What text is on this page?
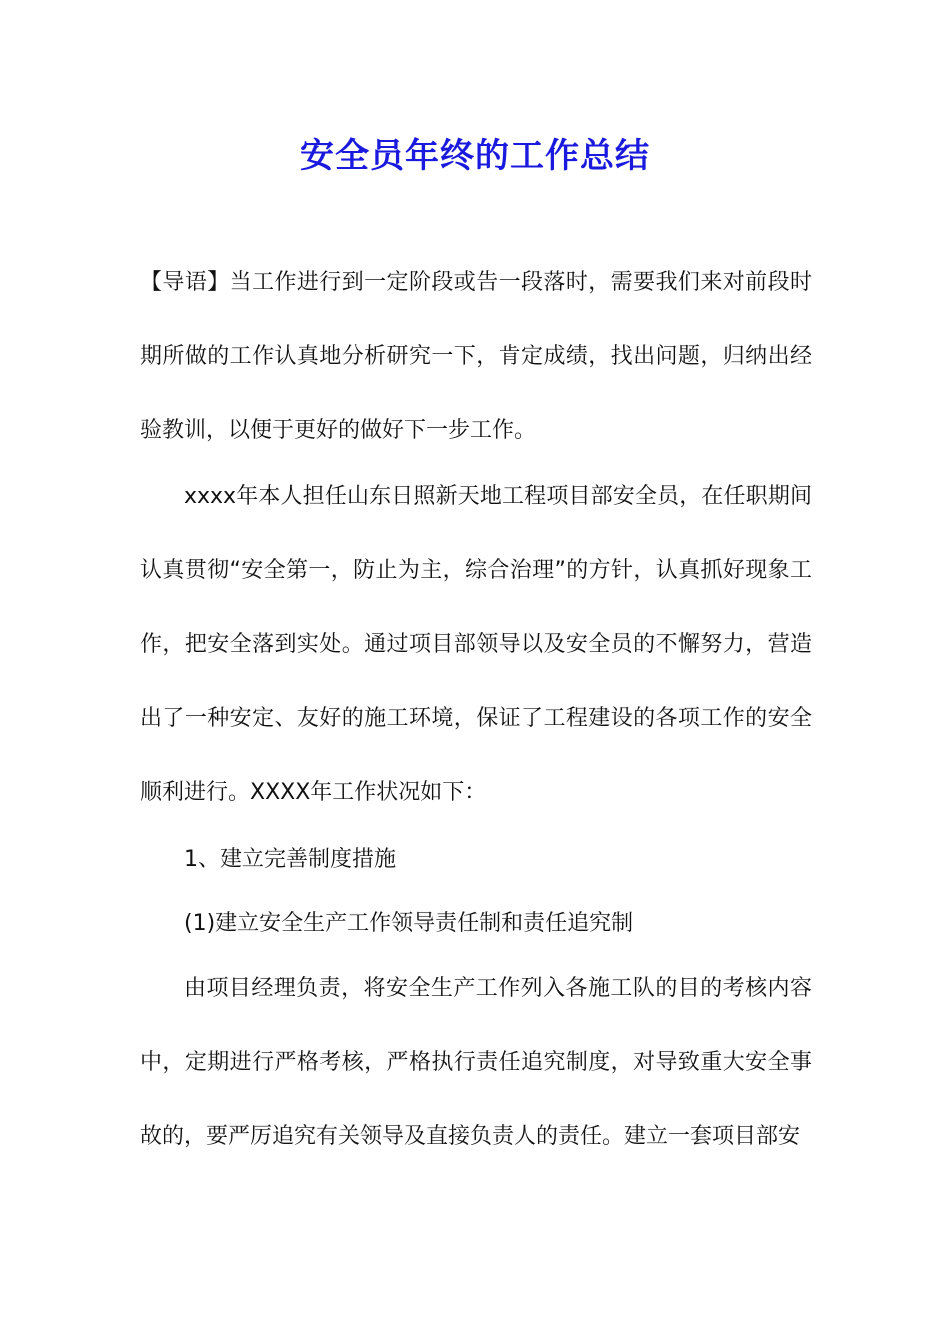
安全员年终的工作总结
【导语】当工作进行到一定阶段或告一段落时，需要我们来对前段时期所做的工作认真地分析研究一下，肯定成绩，找出问题，归纳出经验教训，以便于更好的做好下一步工作。
xxxx年本人担任山东日照新天地工程项目部安全员，在任职期间认真贯彻“安全第一，防止为主，综合治理”的方针，认真抓好现象工作，把安全落到实处。通过项目部领导以及安全员的不懈努力，营造出了一种安定、友好的施工环境，保证了工程建设的各项工作的安全顺利进行。XXXX年工作状况如下：
1、建立完善制度措施
(1)建立安全生产工作领导责任制和责任追究制
由项目经理负责，将安全生产工作列入各施工队的目的考核内容中，定期进行严格考核，严格执行责任追究制度，对导致重大安全事故的，要严厉追究有关领导及直接负责人的责任。建立一套项目部安
